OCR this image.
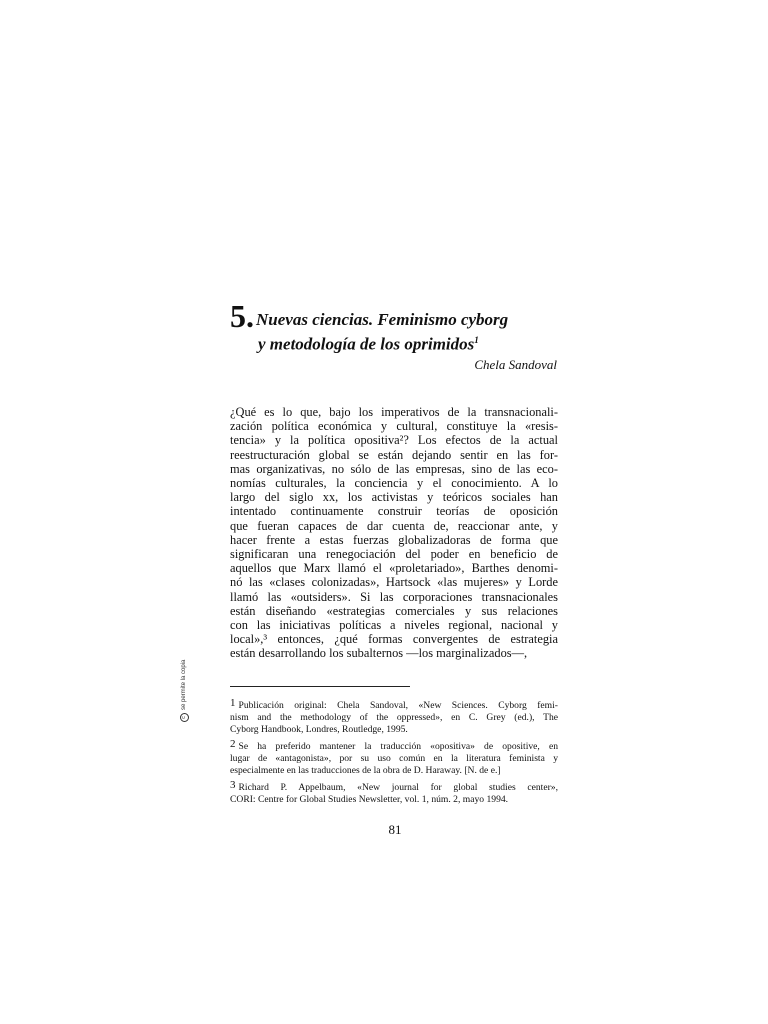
5. Nuevas ciencias. Feminismo cyborg

y metodología de los oprimidos$^1$
Chela Sandoval
¿Qué es lo que, bajo los imperativos de la transnacionali-
zación política económica y cultural, constituye la «resis-
tencia» y la política opositiva²? Los efectos de la actual
reestructuración global se están dejando sentir en las for-
mas organizativas, no sólo de las empresas, sino de las eco-
nomías culturales, la conciencia y el conocimiento. A lo
largo del siglo xx, los activistas y teóricos sociales han
intentado continuamente construir teorías de oposición
que fueran capaces de dar cuenta de, reaccionar ante, y
hacer frente a estas fuerzas globalizadoras de forma que
significaran una renegociación del poder en beneficio de
aquellos que Marx llamó el «proletariado», Barthes denomi-
nó las «clases colonizadas», Hartsock «las mujeres» y Lorde
llamó las «outsiders». Si las corporaciones transnacionales
están diseñando «estrategias comerciales y sus relaciones
con las iniciativas políticas a niveles regional, nacional y
local»,³ entonces, ¿qué formas convergentes de estrategia
están desarrollando los subalternos —los marginalizados—,
1 Publicación original: Chela Sandoval, «New Sciences. Cyborg femi-
nism and the methodology of the oppressed», en C. Grey (ed.), The
Cyborg Handbook, Londres, Routledge, 1995.
2 Se ha preferido mantener la traducción «opositiva» de opositive, en
lugar de «antagonista», por su uso común en la literatura feminista y
especialmente en las traducciones de la obra de D. Haraway. [N. de e.]
3 Richard P. Appelbaum, «New journal for global studies center»,
CORI: Centre for Global Studies Newsletter, vol. 1, núm. 2, mayo 1994.
81
c
se permite la copia
